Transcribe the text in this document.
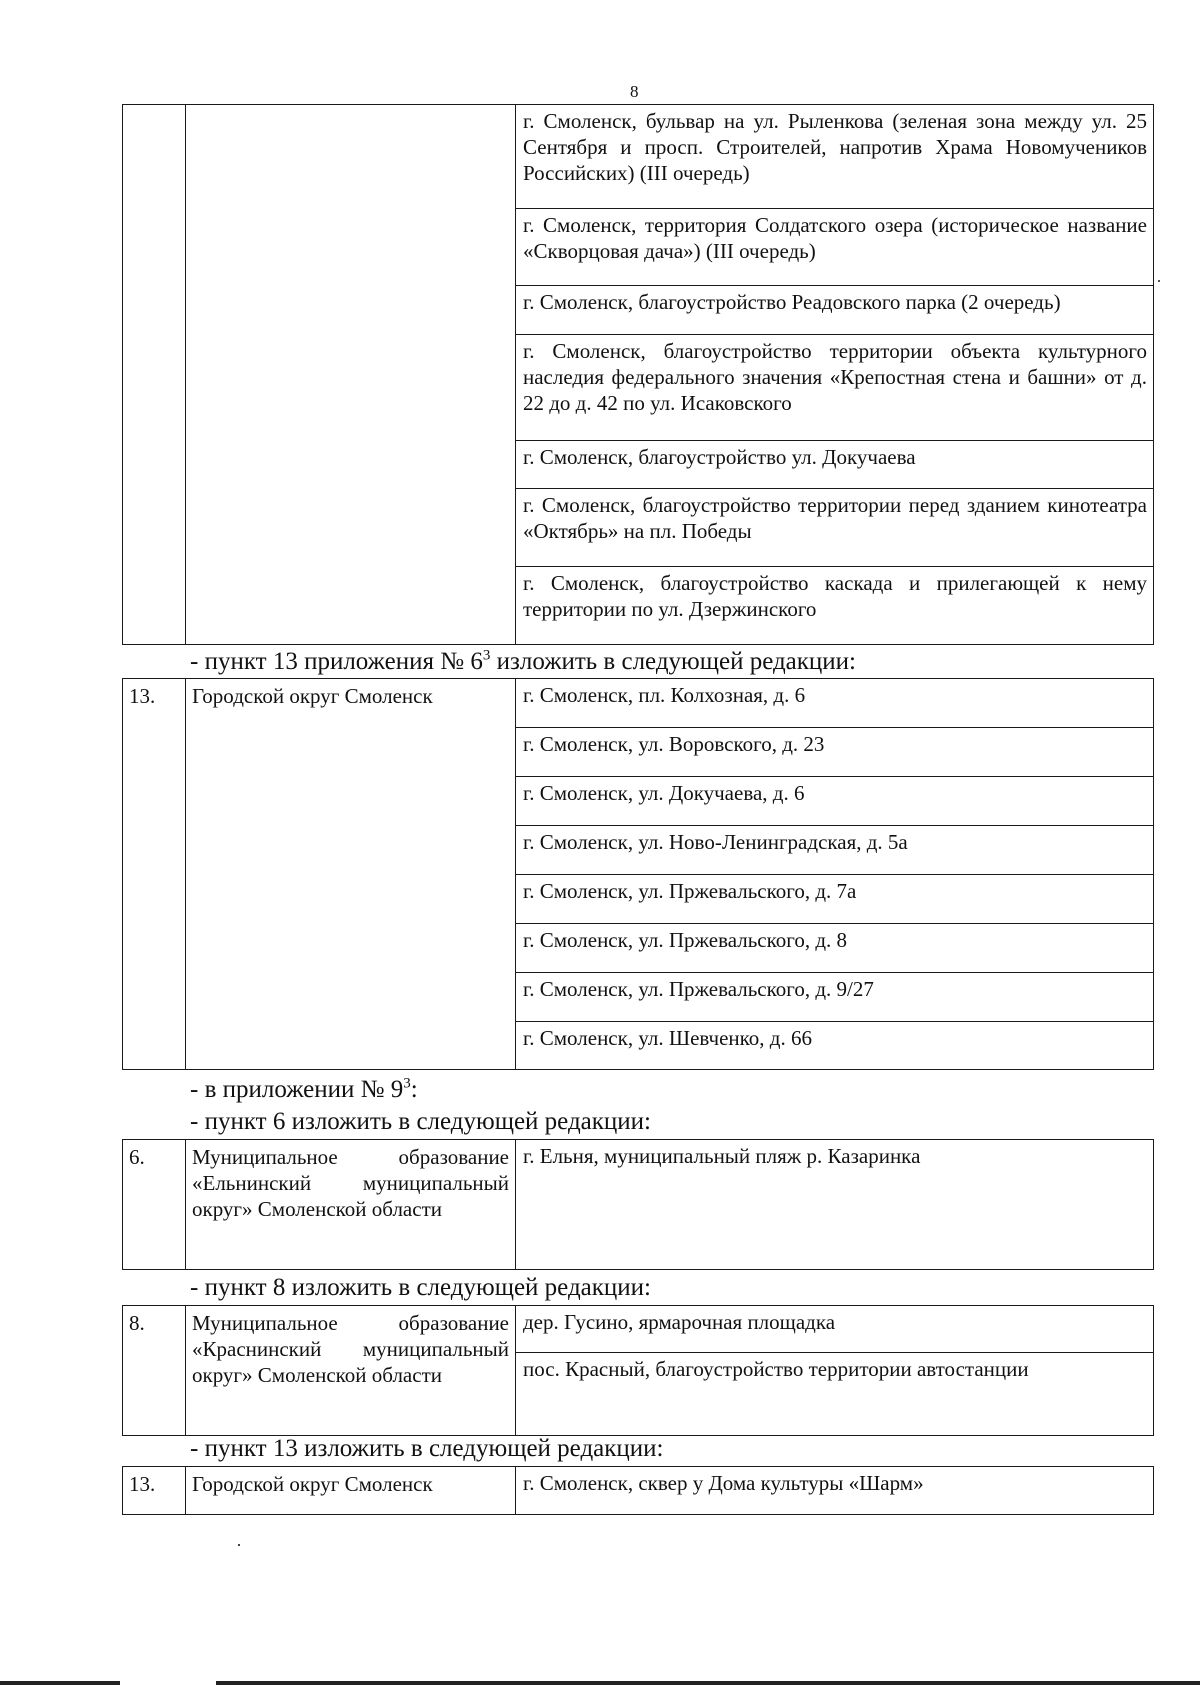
8
		г. Смоленск, бульвар на ул. Рыленкова (зеленая зона между ул. 25 Сентября и просп. Строителей, напротив Храма Новомучеников Российских) (III очередь)
г. Смоленск, территория Солдатского озера (историческое название «Скворцовая дача») (III очередь)
г. Смоленск, благоустройство Реадовского парка (2 очередь)
г. Смоленск, благоустройство территории объекта культурного наследия федерального значения «Крепостная стена и башни» от д. 22 до д. 42 по ул. Исаковского
г. Смоленск, благоустройство ул. Докучаева
г. Смоленск, благоустройство территории перед зданием кинотеатра «Октябрь» на пл. Победы
г. Смоленск, благоустройство каскада и прилегающей к нему территории по ул. Дзержинского
- пункт 13 приложения № $6^3$ изложить в следующей редакции:
13.	Городской округ Смоленск	г. Смоленск, пл. Колхозная, д. 6
г. Смоленск, ул. Воровского, д. 23
г. Смоленск, ул. Докучаева, д. 6
г. Смоленск, ул. Ново-Ленинградская, д. 5а
г. Смоленск, ул. Пржевальского, д. 7а
г. Смоленск, ул. Пржевальского, д. 8
г. Смоленск, ул. Пржевальского, д. 9/27
г. Смоленск, ул. Шевченко, д. 66
- в приложении № $9^3$:
- пункт 6 изложить в следующей редакции:
6.	Муниципальное образование «Ельнинский муниципальный округ» Смоленской области	г. Ельня, муниципальный пляж р. Казаринка
- пункт 8 изложить в следующей редакции:
8.	Муниципальное образование «Краснинский муниципальный округ» Смоленской области	дер. Гусино, ярмарочная площадка
пос. Красный, благоустройство территории автостанции
- пункт 13 изложить в следующей редакции:
13.	Городской округ Смоленск	г. Смоленск, сквер у Дома культуры «Шарм»
